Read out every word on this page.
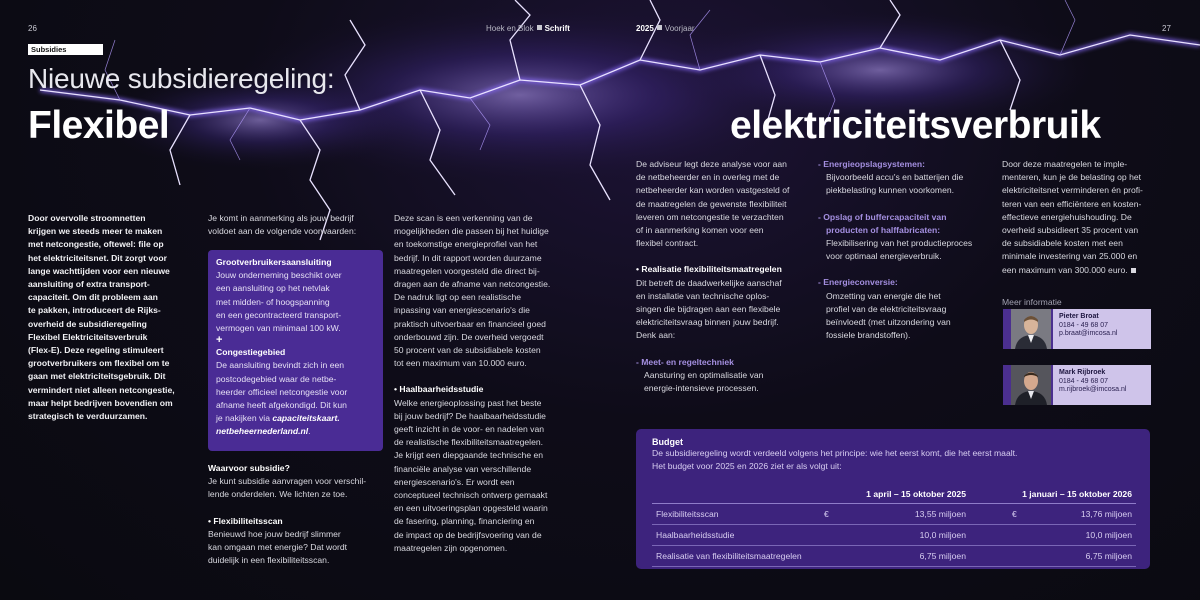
26	Hoek en Blok Schrift	2025 Voorjaar	27
Subsidies
Nieuwe subsidieregeling:
Flexibel	elektriciteitsverbruik
Door overvolle stroomnetten
krijgen we steeds meer te maken
met netcongestie, oftewel: file op
het elektriciteitsnet. Dit zorgt voor
lange wachttijden voor een nieuwe
aansluiting of extra transport-
capaciteit. Om dit probleem aan
te pakken, introduceert de Rijks-
overheid de subsidieregeling
Flexibel Elektriciteitsverbruik
(Flex-E). Deze regeling stimuleert
grootverbruikers om flexibel om te
gaan met elektriciteitsgebruik. Dit
vermindert niet alleen netcongestie,
maar helpt bedrijven bovendien om
strategisch te verduurzamen.
Je komt in aanmerking als jouw bedrijf
voldoet aan de volgende voorwaarden:
Grootverbruikersaansluiting
Jouw onderneming beschikt over
een aansluiting op het netvlak
met midden- of hoogspanning
en een gecontracteerd transport-
vermogen van minimaal 100 kW.
+
Congestiegebied
De aansluiting bevindt zich in een
postcodegebied waar de netbe-
heerder officieel netcongestie voor
afname heeft afgekondigd. Dit kun
je nakijken via capaciteitskaart.
netbeheernederland.nl.
Waarvoor subsidie?
Je kunt subsidie aanvragen voor verschil-
lende onderdelen. We lichten ze toe.
• Flexibiliteitsscan
Benieuwd hoe jouw bedrijf slimmer
kan omgaan met energie? Dat wordt
duidelijk in een flexibiliteitsscan.
Deze scan is een verkenning van de
mogelijkheden die passen bij het huidige
en toekomstige energieprofiel van het
bedrijf. In dit rapport worden duurzame
maatregelen voorgesteld die direct bij-
dragen aan de afname van netcongestie.
De nadruk ligt op een realistische
inpassing van energiescenario's die
praktisch uitvoerbaar en financieel goed
onderbouwd zijn. De overheid vergoedt
50 procent van de subsidiabele kosten
tot een maximum van 10.000 euro.
• Haalbaarheidsstudie
Welke energieoplossing past het beste
bij jouw bedrijf? De haalbaarheidsstudie
geeft inzicht in de voor- en nadelen van
de realistische flexibiliteitsmaatregelen.
Je krijgt een diepgaande technische en
financiële analyse van verschillende
energiescenario's. Er wordt een
conceptueel technisch ontwerp gemaakt
en een uitvoeringsplan opgesteld waarin
de fasering, planning, financiering en
de impact op de bedrijfsvoering van de
maatregelen zijn opgenomen.
De adviseur legt deze analyse voor aan
de netbeheerder en in overleg met de
netbeheerder kan worden vastgesteld of
de maatregelen de gewenste flexibiliteit
leveren om netcongestie te verzachten
of in aanmerking komen voor een
flexibel contract.
• Realisatie flexibiliteitsmaatregelen
Dit betreft de daadwerkelijke aanschaf
en installatie van technische oplos-
singen die bijdragen aan een flexibele
elektriciteitsvraag binnen jouw bedrijf.
Denk aan:
- Meet- en regeltechniek
Aansturing en optimalisatie van
energie-intensieve processen.
- Energieopslagsystemen:
Bijvoorbeeld accu's en batterijen die
piekbelasting kunnen voorkomen.
- Opslag of buffercapaciteit van
producten of halffabricaten:
Flexibilisering van het productieproces
voor optimaal energieverbruik.
- Energieconversie:
Omzetting van energie die het
profiel van de elektriciteitsvraag
beïnvloedt (met uitzondering van
fossiele brandstoffen).
Door deze maatregelen te imple-
menteren, kun je de belasting op het
elektriciteitsnet verminderen én profi-
teren van een efficiëntere en kosten-
effectieve energiehuishouding. De
overheid subsidieert 35 procent van
de subsidiabele kosten met een
minimale investering van 25.000 en
een maximum van 300.000 euro.
Meer informatie
Pieter Broat
0184 - 49 68 07
p.braat@imcosa.nl
Mark Rijbroek
0184 - 49 68 07
m.rijbroek@imcosa.nl
Budget
De subsidieregeling wordt verdeeld volgens het principe: wie het eerst komt, die het eerst maalt.
Het budget voor 2025 en 2026 ziet er als volgt uit:
	1 april – 15 oktober 2025	1 januari – 15 oktober 2026
Flexibiliteitsscan	€ 13,55 miljoen	€ 13,76 miljoen

Haalbaarheidsstudie	10,0 miljoen	10,0 miljoen

Realisatie van flexibiliteitsmaatregelen	6,75 miljoen	6,75 miljoen
